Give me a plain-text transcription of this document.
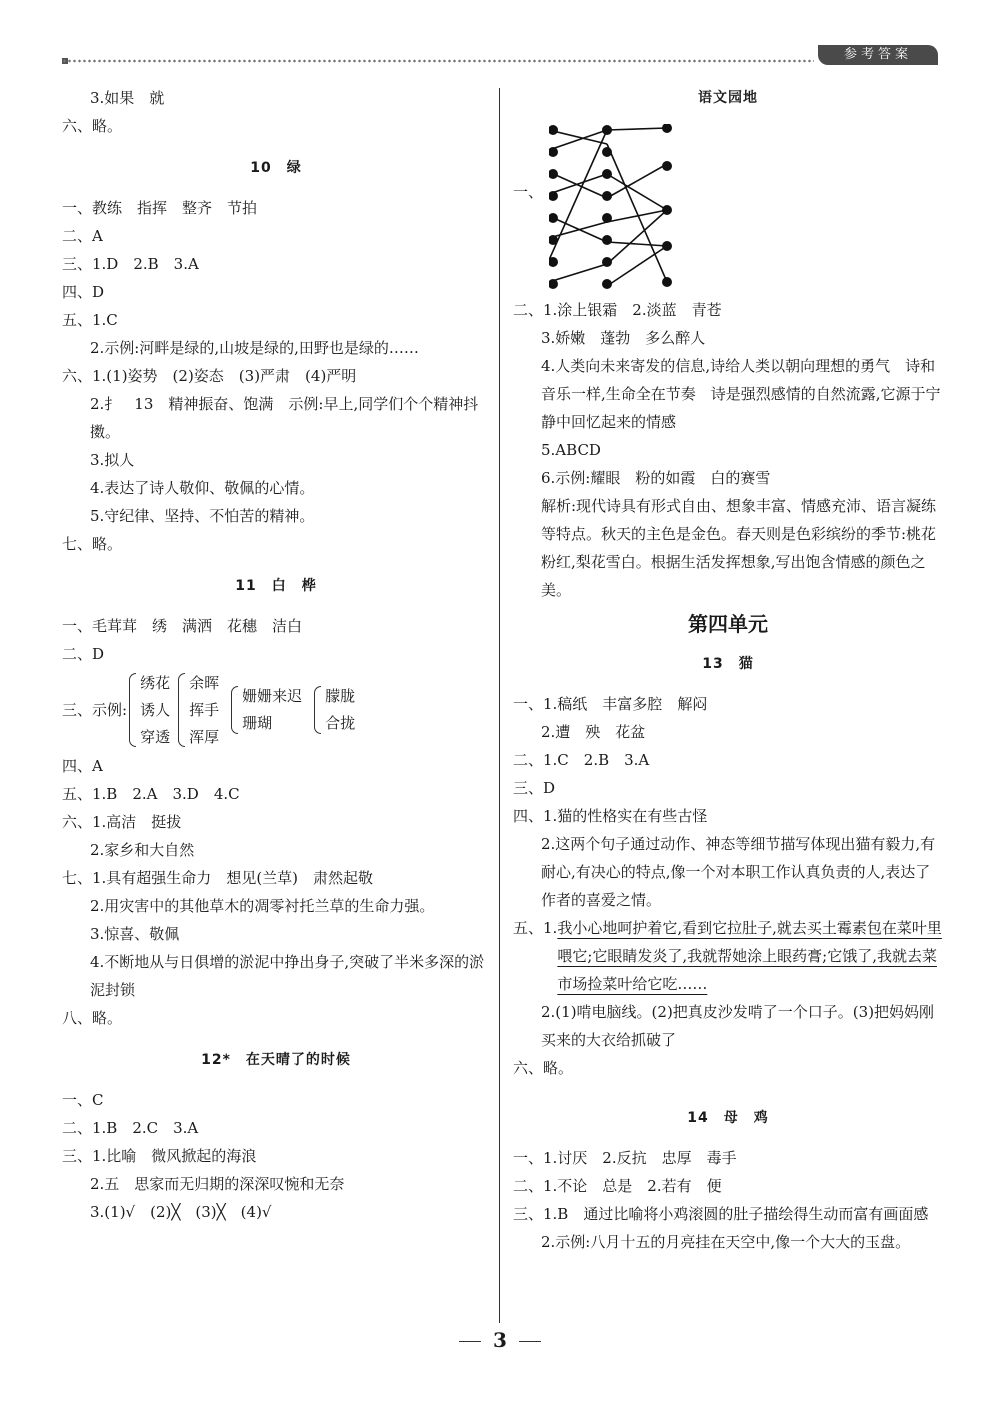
参考答案
3.如果　就
六、略。
10　绿
一、教练　指挥　整齐　节拍
二、A
三、1.D　2.B　3.A
四、D
五、1.C
2.示例:河畔是绿的,山坡是绿的,田野也是绿的……
六、1.(1)姿势　(2)姿态　(3)严肃　(4)严明
2.扌　13　精神振奋、饱满　示例:早上,同学们个个精神抖擞。
3.拟人
4.表达了诗人敬仰、敬佩的心情。
5.守纪律、坚持、不怕苦的精神。
七、略。
11　白　桦
一、毛茸茸　绣　满洒　花穗　洁白
二、D
三、示例:
绣花
诱人
穿透
余晖
挥手
浑厚
姗姗来迟
珊瑚
朦胧
合拢
四、A
五、1.B　2.A　3.D　4.C
六、1.高洁　挺拔
2.家乡和大自然
七、1.具有超强生命力　想见(兰草)　肃然起敬
2.用灾害中的其他草木的凋零衬托兰草的生命力强。
3.惊喜、敬佩
4.不断地从与日俱增的淤泥中挣出身子,突破了半米多深的淤泥封锁
八、略。
12*　在天晴了的时候
一、C
二、1.B　2.C　3.A
三、1.比喻　微风掀起的海浪
2.五　思家而无归期的深深叹惋和无奈
3.(1)√　(2)╳　(3)╳　(4)√
语文园地
一、
二、1.涂上银霜　2.淡蓝　青苍
3.娇嫩　蓬勃　多么醉人
4.人类向未来寄发的信息,诗给人类以朝向理想的勇气　诗和音乐一样,生命全在节奏　诗是强烈感情的自然流露,它源于宁静中回忆起来的情感
5.ABCD
6.示例:耀眼　粉的如霞　白的赛雪
解析:现代诗具有形式自由、想象丰富、情感充沛、语言凝练等特点。秋天的主色是金色。春天则是色彩缤纷的季节:桃花粉红,梨花雪白。根据生活发挥想象,写出饱含情感的颜色之美。
第四单元
13　猫
一、1.稿纸　丰富多腔　解闷
2.遭　殃　花盆
二、1.C　2.B　3.A
三、D
四、1.猫的性格实在有些古怪
2.这两个句子通过动作、神态等细节描写体现出猫有毅力,有耐心,有决心的特点,像一个对本职工作认真负责的人,表达了作者的喜爱之情。
五、1. 我小心地呵护着它,看到它拉肚子,就去买土霉素包在菜叶里喂它;它眼睛发炎了,我就帮她涂上眼药膏;它饿了,我就去菜市场捡菜叶给它吃……
2.(1)啃电脑线。(2)把真皮沙发啃了一个口子。(3)把妈妈刚买来的大衣给抓破了
六、略。
14　母　鸡
一、1.讨厌　2.反抗　忠厚　毒手
二、1.不论　总是　2.若有　便
三、1.B　通过比喻将小鸡滚圆的肚子描绘得生动而富有画面感
2.示例:八月十五的月亮挂在天空中,像一个大大的玉盘。
3
